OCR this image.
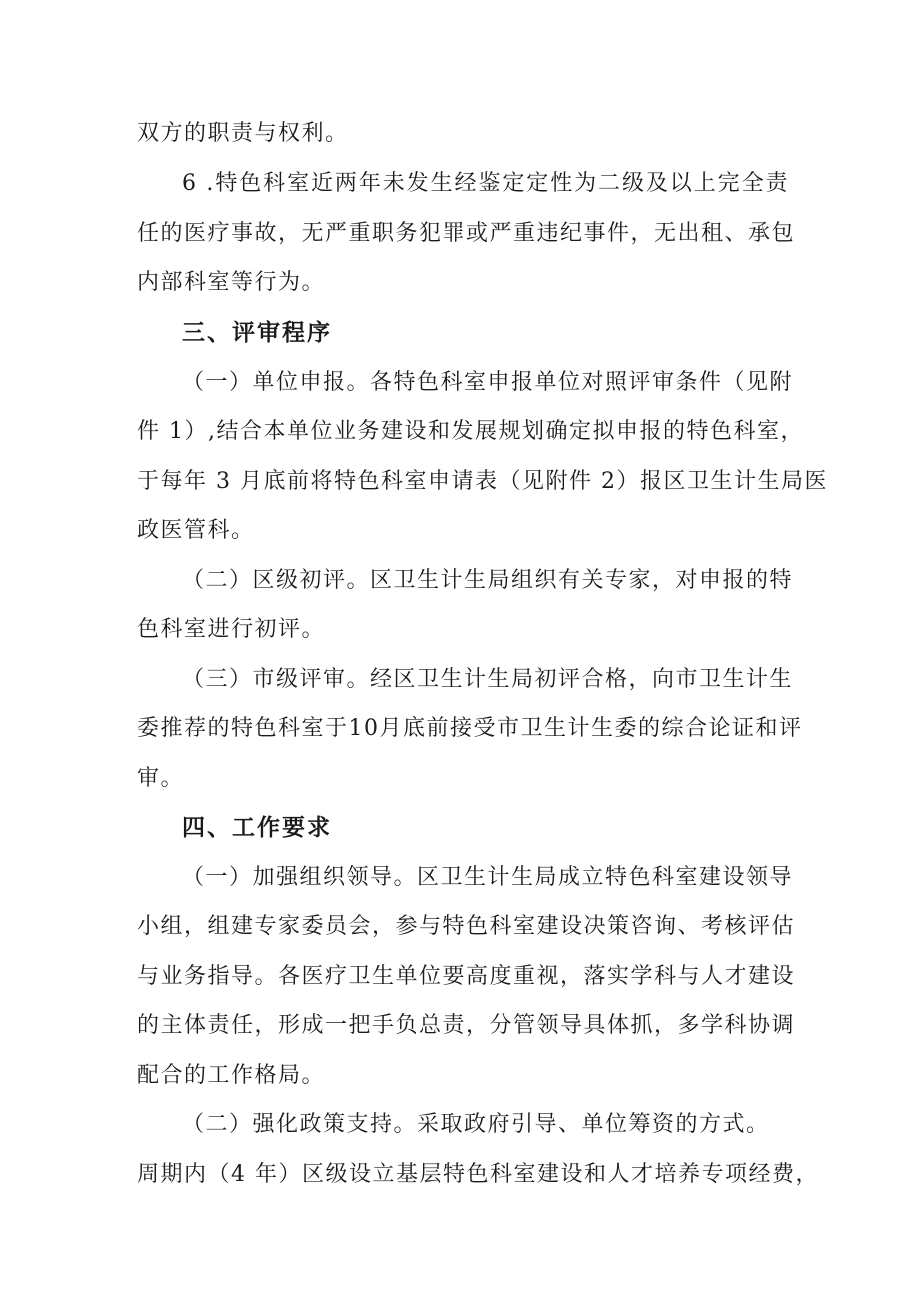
双方的职责与权利。
6 .特色科室近两年未发生经鉴定定性为二级及以上完全责
任的医疗事故，无严重职务犯罪或严重违纪事件，无出租、承包
内部科室等行为。
三、评审程序
（一）单位申报。各特色科室申报单位对照评审条件（见附
件 1）,结合本单位业务建设和发展规划确定拟申报的特色科室，
于每年 3 月底前将特色科室申请表（见附件 2）报区卫生计生局医
政医管科。
（二）区级初评。区卫生计生局组织有关专家，对申报的特
色科室进行初评。
（三）市级评审。经区卫生计生局初评合格，向市卫生计生
委推荐的特色科室于10月底前接受市卫生计生委的综合论证和评
审。
四、工作要求
（一）加强组织领导。区卫生计生局成立特色科室建设领导
小组，组建专家委员会，参与特色科室建设决策咨询、考核评估
与业务指导。各医疗卫生单位要高度重视，落实学科与人才建设
的主体责任，形成一把手负总责，分管领导具体抓，多学科协调
配合的工作格局。
（二）强化政策支持。采取政府引导、单位筹资的方式。
周期内（4 年）区级设立基层特色科室建设和人才培养专项经费，
